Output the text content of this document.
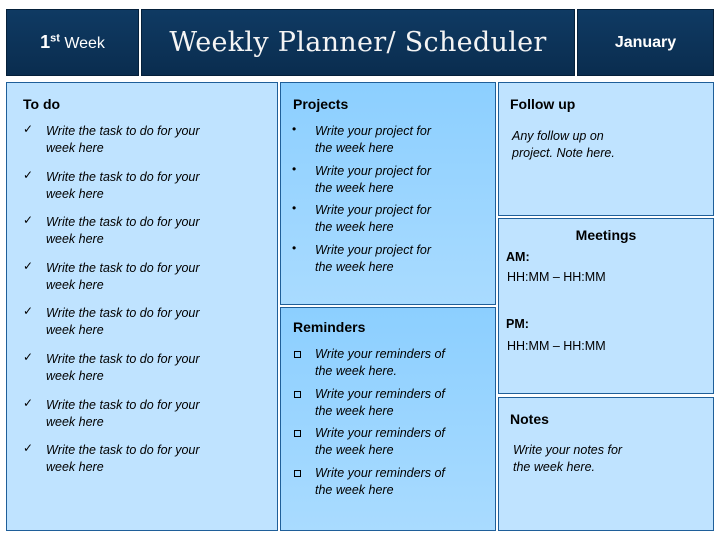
1st Week Weekly Planner/ Scheduler	January
To do
✓ Write the task to do for your week here
✓ Write the task to do for your week here
✓ Write the task to do for your week here
✓ Write the task to do for your week here
✓ Write the task to do for your week here
✓ Write the task to do for your week here
✓ Write the task to do for your week here
✓ Write the task to do for your week here
Projects
• Write your project for the week here
• Write your project for the week here
• Write your project for the week here
• Write your project for the week here
Reminders
Write your reminders of the week here.
Write your reminders of the week here
Write your reminders of the week here
Write your reminders of the week here
Follow up
Any follow up on project. Note here.
Meetings
AM:
HH:MM – HH:MM
PM:
HH:MM – HH:MM
Notes
Write your notes for the week here.
